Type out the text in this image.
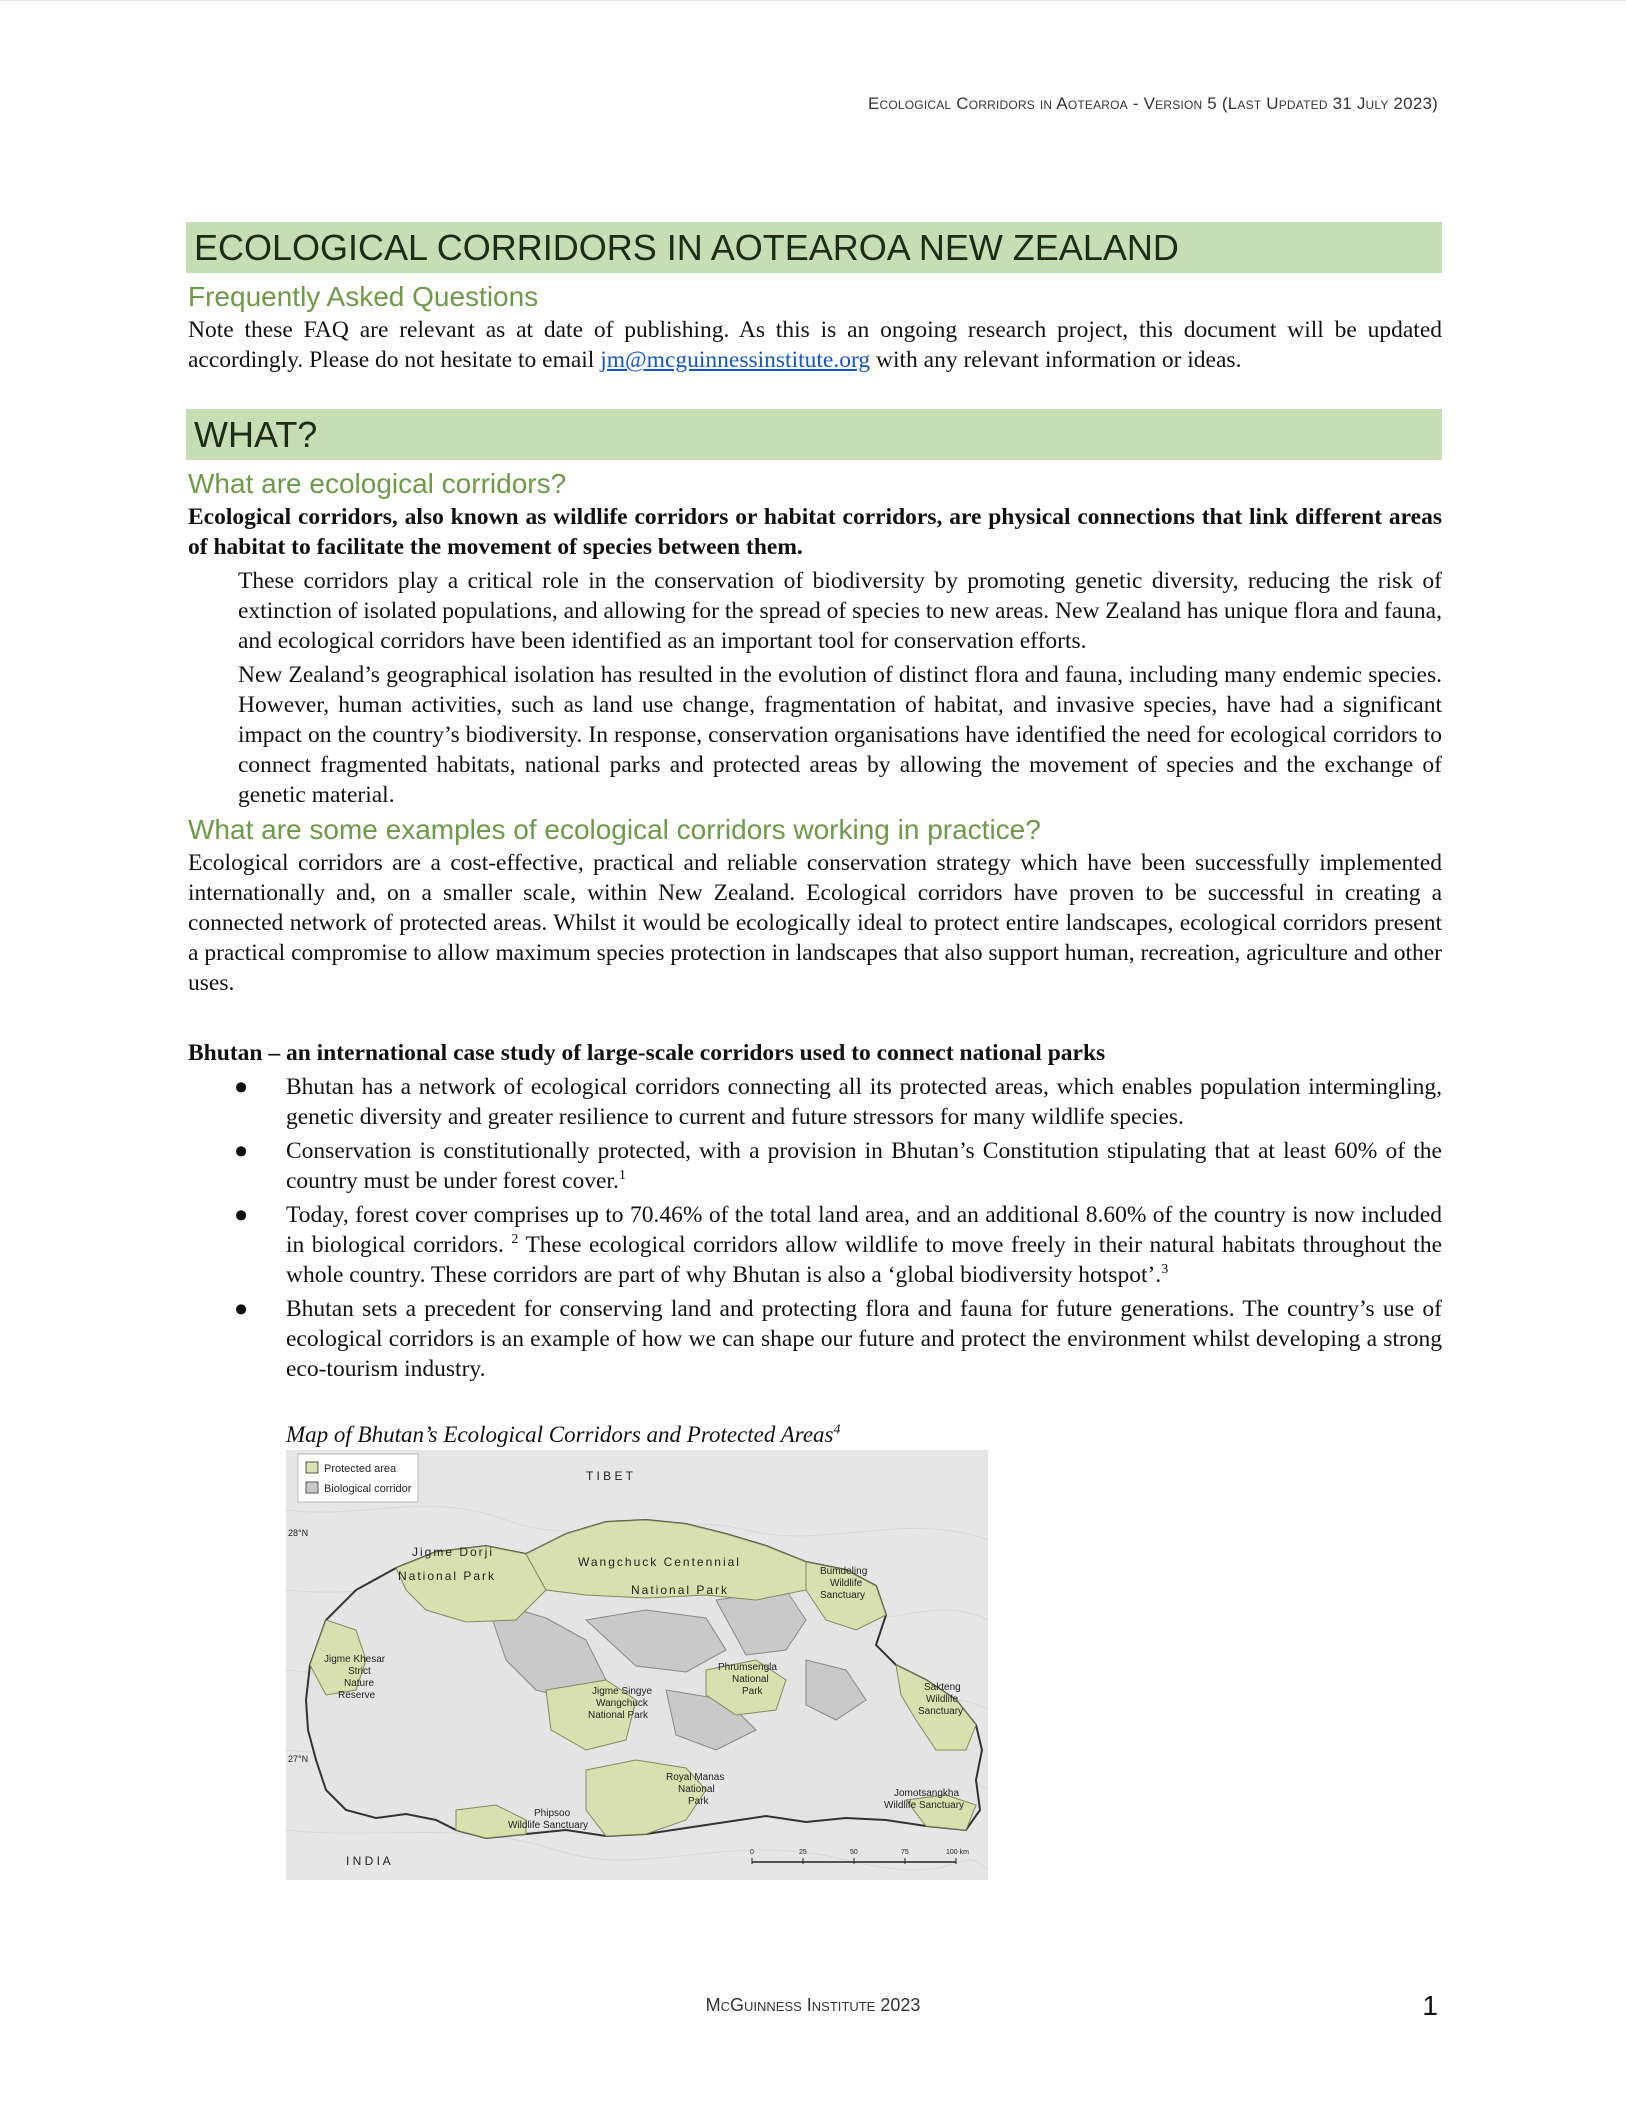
Ecological Corridors in Aotearoa - Version 5 (Last Updated 31 July 2023)
ECOLOGICAL CORRIDORS IN AOTEAROA NEW ZEALAND
Frequently Asked Questions

Note these FAQ are relevant as at date of publishing. As this is an ongoing research project, this document will be updated accordingly. Please do not hesitate to email jm@mcguinnessinstitute.org with any relevant information or ideas.

WHAT?
What are ecological corridors?

Ecological corridors, also known as wildlife corridors or habitat corridors, are physical connections that link different areas of habitat to facilitate the movement of species between them.

These corridors play a critical role in the conservation of biodiversity by promoting genetic diversity, reducing the risk of extinction of isolated populations, and allowing for the spread of species to new areas. New Zealand has unique flora and fauna, and ecological corridors have been identified as an important tool for conservation efforts.

New Zealand’s geographical isolation has resulted in the evolution of distinct flora and fauna, including many endemic species. However, human activities, such as land use change, fragmentation of habitat, and invasive species, have had a significant impact on the country’s biodiversity. In response, conservation organisations have identified the need for ecological corridors to connect fragmented habitats, national parks and protected areas by allowing the movement of species and the exchange of genetic material.

What are some examples of ecological corridors working in practice?

Ecological corridors are a cost-effective, practical and reliable conservation strategy which have been successfully implemented internationally and, on a smaller scale, within New Zealand. Ecological corridors have proven to be successful in creating a connected network of protected areas. Whilst it would be ecologically ideal to protect entire landscapes, ecological corridors present a practical compromise to allow maximum species protection in landscapes that also support human, recreation, agriculture and other uses.

Bhutan – an international case study of large-scale corridors used to connect national parks

● Bhutan has a network of ecological corridors connecting all its protected areas, which enables population intermingling, genetic diversity and greater resilience to current and future stressors for many wildlife species.
● Conservation is constitutionally protected, with a provision in Bhutan’s Constitution stipulating that at least 60% of the country must be under forest cover.$^1$
● Today, forest cover comprises up to 70.46% of the total land area, and an additional 8.60% of the country is now included in biological corridors. $^2$ These ecological corridors allow wildlife to move freely in their natural habitats throughout the whole country. These corridors are part of why Bhutan is also a ‘global biodiversity hotspot’.$^3$
● Bhutan sets a precedent for conserving land and protecting flora and fauna for future generations. The country’s use of ecological corridors is an example of how we can shape our future and protect the environment whilst developing a strong eco-tourism industry.
Map of Bhutan’s Ecological Corridors and Protected Areas$^4$
Protected area
Biological corridor
T I B E T
I N D I A
28°N
27°N
Jigme Dorji
National Park
Wangchuck Centennial
National Park
Bumdeling
Wildlife
Sanctuary
Jigme Khesar
Strict
Nature
Reserve
Phrumsengla
National
Park
Jigme Singye
Wangchuck
National Park
Sakteng
Wildlife
Sanctuary
Royal Manas
National
Park
Phipsoo
Wildlife Sanctuary
Jomotsangkha
Wildlife Sanctuary
0	25	50	75	100 km
McGuinness Institute 2023	1
